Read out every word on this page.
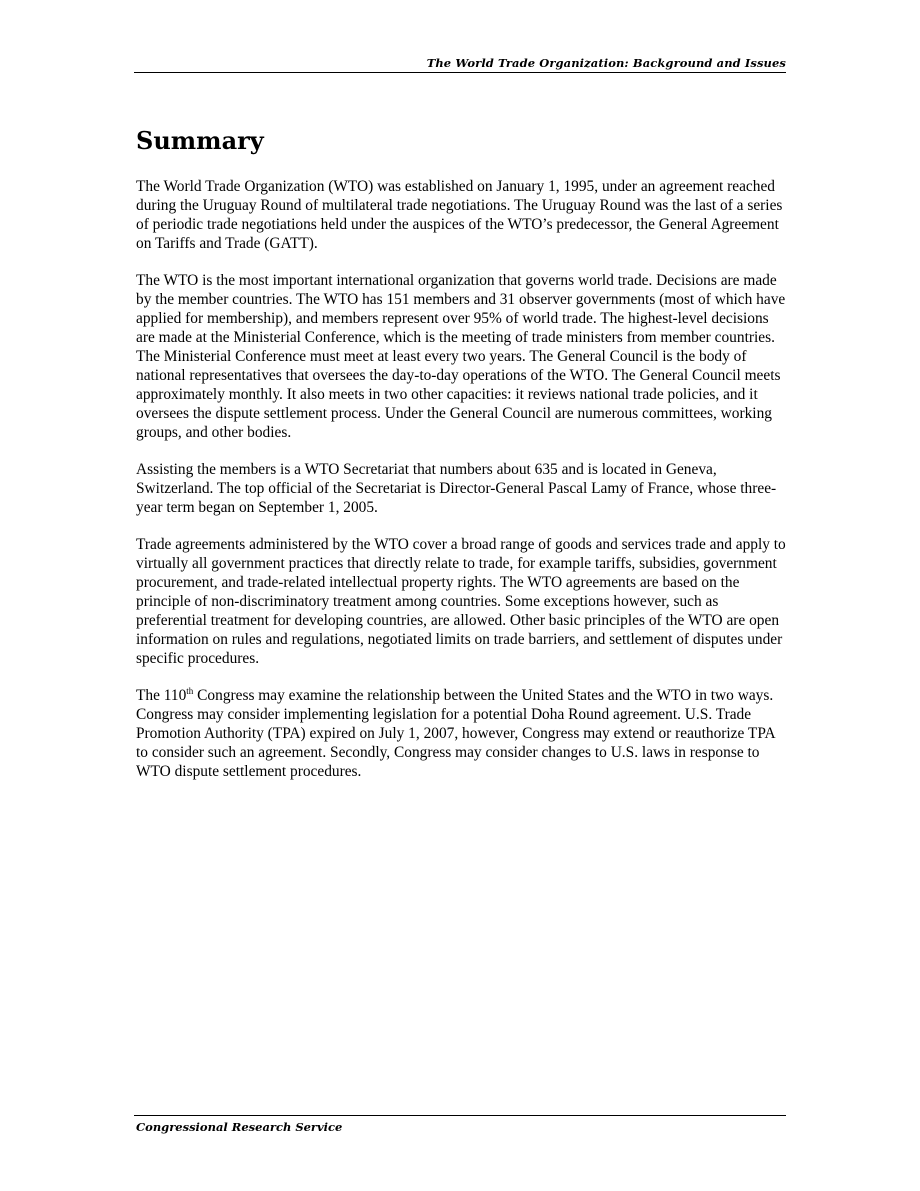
The World Trade Organization: Background and Issues
Summary

The World Trade Organization (WTO) was established on January 1, 1995, under an agreement reached during the Uruguay Round of multilateral trade negotiations. The Uruguay Round was the last of a series of periodic trade negotiations held under the auspices of the WTO’s predecessor, the General Agreement on Tariffs and Trade (GATT).

The WTO is the most important international organization that governs world trade. Decisions are made by the member countries. The WTO has 151 members and 31 observer governments (most of which have applied for membership), and members represent over 95% of world trade. The highest-level decisions are made at the Ministerial Conference, which is the meeting of trade ministers from member countries. The Ministerial Conference must meet at least every two years. The General Council is the body of national representatives that oversees the day-to-day operations of the WTO. The General Council meets approximately monthly. It also meets in two other capacities: it reviews national trade policies, and it oversees the dispute settlement process. Under the General Council are numerous committees, working groups, and other bodies.

Assisting the members is a WTO Secretariat that numbers about 635 and is located in Geneva, Switzerland. The top official of the Secretariat is Director-General Pascal Lamy of France, whose three-year term began on September 1, 2005.

Trade agreements administered by the WTO cover a broad range of goods and services trade and apply to virtually all government practices that directly relate to trade, for example tariffs, subsidies, government procurement, and trade-related intellectual property rights. The WTO agreements are based on the principle of non-discriminatory treatment among countries. Some exceptions however, such as preferential treatment for developing countries, are allowed. Other basic principles of the WTO are open information on rules and regulations, negotiated limits on trade barriers, and settlement of disputes under specific procedures.

The 110th Congress may examine the relationship between the United States and the WTO in two ways. Congress may consider implementing legislation for a potential Doha Round agreement. U.S. Trade Promotion Authority (TPA) expired on July 1, 2007, however, Congress may extend or reauthorize TPA to consider such an agreement. Secondly, Congress may consider changes to U.S. laws in response to WTO dispute settlement procedures.

Congressional Research Service
